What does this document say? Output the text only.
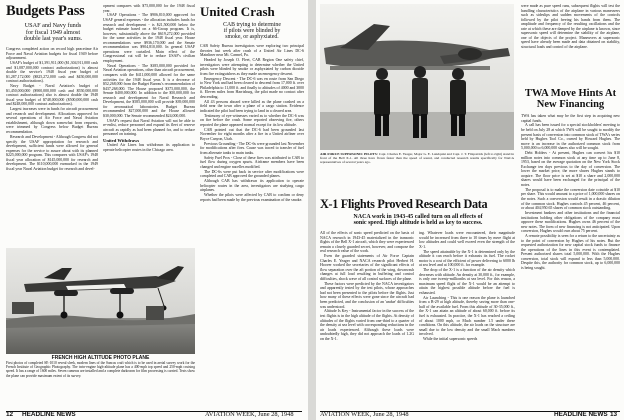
Budgets Pass
USAF and Navy funds
for fiscal 1949 almost
double last year's sums.

Congress completed action on record high peacetime Air Force and Naval Aviation budgets for fiscal 1949 before adjournment.

USAF's budget of $1,391,911,000 ($1,304,911,000 cash and $1,087,000,000 contract authorizations) is almost double the service's 1948 fiscal year budget of $1,287,172,000 ($825,272,000 cash and $450,000,000 contract authorizations).

Navy Budget - Naval Aviation's budget of $1,450,000,000 ($900,000,000 cash and $550,000,000 contract authorizations) also is almost double the 1948 fiscal year budget of $748,000,000 ($500,000,000 cash and $248,000,000 contract authorizations).

Largest increases were in funds for aircraft procurement and research and development. Allocations approved for several operations of Air Force and Naval Aviation establishment, although down somewhat from requests, were trimmed by Congress below Budget Bureau recommendation.

Research and Development - Although Congress did not specify the USAF appropriation for research and development, sufficient funds were allowed for general expenses for the service to assure about with its planned $225,000,000 program. This compares with USAF's 1948 fiscal year allocation of $145,000,000 for research and development. The $110,000,000 earmarked in the 1949 fiscal year Naval Aviation budget for research and devel-

opment compares with $75,000,000 for the 1948 fiscal year.

USAF Operations - The $906,810,000 approved for USAF general expenses - the allocation includes funds for research and development - is $21,500,000 below the budget estimate based on a 66-Group program. It is, however, substantially above the $619,272,000 provided for the same activities in the 1948 fiscal year. House recommendations were $936,170,000 and the Senate recommendation was $904,810,000. In general USAF operations were curtailed. Main effect of the Congressional cut will be to reduce USAF's civilian employment.

Naval Operations - The $385,000,000 provided for Naval Aviation operations, other than aircraft procurement, compares with the $411,000,000 allowed for the same activities for the 1948 fiscal year. It is a decrease of $52,268,000 from the Budget Bureau's recommendation of $437,268,000. The House proposed $375,000,000, the Senate $400,000,000. In addition to the $50,000,000 for research and development for Naval Research and Development, the $585,000,000 will provide $39,000,000 for aeronautical laboratories. Budget Bureau recommended $27,000,000 and the House allowed $30,000,000. The Senate recommended $24,000,000.

USAF's request that Naval Aviation will not be able to re-enlist, reduce personnel and expand its fleet of reserve aircraft as rapidly as had been planned for, and to reduce personnel on training.

United Withdraws

United Air Lines has withdrawn its application to operate helicopter routes in the Chicago area.

United Crash
CAB trying to determine
if pilots were blinded by
smoke, or asphyxiated.

CAB Safety Bureau investigators were exploring two principal theories last week after crash of a United Air Lines DC-6 Mainliner near Mt. Carmel, Pa.

Headed by Joseph O. Fleet, CAB Region One safety chief, investigators were attempting to determine whether the United pilots were blinded by smoke or asphyxiated by carbon dioxide from fire extinguishers as they made an emergency descent.

Emergency Descent - The DC-6 was en route from San Diego to New York and had been cleared to descend from 17,000 ft. over Philadelphia to 11,000 ft. and finally to altitudes of 4000 and 3000 ft. Eleven miles from Harrisburg, the pilot made no contact after descending.

All 43 persons aboard were killed as the plane crashed on a field near the town after a plane of a cargo station. Evidence indicated the pilot had been trying to land in a cleared area.

Testimony of eye-witnesses varied as to whether the DC-6 was on fire before the crash. Some reported observing fire, others reported the plane appeared normal except for its low altitude.

CAB pointed out that the DC-6 had been grounded last November for eight months after a fire in a United airliner over Bryce Canyon, Utah.

Previous Grounding - The DC-6s were grounded last November for modifications after fires. Cause was traced to transfer of fuel from alternate tanks to main tanks.

Safety Fuel Pros - Close of these fires was attributed to CAB to fuel flow during oxygen spurts. Airframe members have been changed and engine nacelles modified.

The DC-6s were put back in service after modifications were completed and CAB approved the grounded planes.

Although CAB has withdrawn its application to operate helicopter routes in the area, investigators are studying cargo airplanes.

Whether the pilots were affected by CAB to confirm or deny reports had been made by the previous examination of the smoke.

FRENCH HIGH ALTITUDE PHOTO PLANE
First photos of completed SE-1010 reveal sleek, modern lines of the Sancas craft which is to be used in aerial survey work for the French Institute of Geographic Photography. The twin-engine high-altitude plane has a 400-mph top speed and 250-mph cruising speed. It has a range of 1600 miles. Seven cameras are installed and a complete darkroom for film processing is carried. Tests show the plane can provide maximum extent of its survey.
12 HEADLINE NEWS	AVIATION WEEK, June 28, 1948
AIR FORCE SUPERSONIC PILOTS: Capt. Charles E. Yeager, Major G. E. Lundquist and Capt. J. T. Fitzpatrick (left to right) stand in front of the Bell X-1. All three have flown faster than the speed of sound, and conducted research results specifically for NACA representatives of several years ago.
X-1 Flights Proved Research Data
NACA work in 1943-45 called turn on all effects of
sonic speed. High altitude is held as key to success.

All of the effects of sonic speed predicted on the basis of NACA research in 1943-45 materialized in the transonic flights of the Bell X-1 aircraft, which they were experienced remain a closely guarded secret, however, and compose the real research value of the work.

Even the guarded statements of Air Force Captain Charles E. Yeager and NACA research pilot Herbert H. Hoover worked the secretaries of the significant effects of flow separation over the aft portion of the wing, downwash changes at full load resulting in buffeting and control difficulties, shock wave of all control surfaces of the plane.

These factors were predicted by the NACA investigators and apparently tested by the test pilots, whose approaches had not been presented to the pilots before the flights. Just how many of these effects were gone since the aircraft had been predicted, and the conclusion of an 'undue' difficulties was understood.

Altitude Is Key - Instrumental factor in the success of the test flights is in the high altitude of the flights. At density of altitudes of the flights varied from one-third to a quarter of the density at sea level with corresponding reductions in the air loads experienced. Although these loads were undoubtedly high, they did not approach the loads of 1.2G on the X-1.

ing. Whatever loads were encountered, their magnitude would be increased from three to 10 times by mere flight at low altitudes and could well exceed even the strength of the X-1.

The speed attainable by the X-1 is determined only by the altitude it can reach before it exhausts its fuel. The rocket motor is a cost of the efficient of power delivering to 6000 lb at sea level and at 100,000 ft. for example.

The drop of the X-1 is a function of the air density which decreases with altitude. An density at 30,000 ft., for example, is only one twenty-millionths at sea level. For this reason, a maximum speed flight of the X-1 would be an attempt to attain the highest possible altitude before the fuel is exhausted.

Air Launching - This is one reason the plane is launched from a B-29 at high altitude, thereby saving more than one-half of the available fuel. From this altitude of 30-35,000 ft., the X-1 can attain an altitude of about 60,000 ft. before its fuel is exhausted. In practice, the X-1 has reached a ceiling of about 1000 mph, or Mach number 1.5 under these conditions. On this altitude, the air loads on the structure are small due to the low density and the small Mach numbers involved.

While the initial supersonic speeds

were made as pure speed runs, subsequent flights will test the handling characteristics of the airplane in various maneuvers such as sideslips and sudden movements of the controls followed by the pilot freeing his hands from them. The amplitude and frequency of the resulting oscillations and the rate at which these are damped by the airplane is known, since supersonic speed will determine the stability of the airplane, one of the objects of the project. Maneuvers at supersonic speed have already been made and data obtained on stability, structural loads and control of the airplane.

TWA Move Hints At New Financing

TWA has taken what may be the first step in acquiring new capital funds.

A call has been issued for a special stockholders' meeting to be held on July 28 at which TWA will be sought to modify the present basis of conversion into common stock of TWA's series held by Hughes Tool Co., owned by Howard Hughes. The move is an increase in the authorized common stock from 5,000,000 to 6,000,000 shares also will be sought.

Debt Holders - At present, Hughes can convert his $10 million notes into common stock at any time up to June 8, 1953, based on the average quotation on the New York Stock Exchange ten days previous to the day of conversion. The lower the market price, the more shares Hughes stands to acquire. The floor price is set at $10 a share and 2,000,000 shares would have been exchanged for the principal of the notes.

The proposal is to make the conversion date coincide at $10 per share. This would amount to a price of 1,000,000 shares on the notes. Such a conversion would result in a drastic dilution of the common stock. Hughes controls 45 percent, 46 percent, or about 404,950.65 shares of common stock outstanding.

Investment bankers and other institutions and the financial institutions holding other obligations of the company must approve these modifications. Hughes owns 46 percent of the new notes. The form of new financing is not anticipated. Upon conversion, Hughes would own about 75 percent.

A remote possibility is seen for a return to the uncertainty as to the point of conversion by Hughes of his notes. But the requested authorization for new capital stock funds to finance the operations of the lines in this event is contemplated. Present authorized shares total 5,000,000. With the Hughes conversion, total stock will expand to less than 5,000,000. Despite this, the authority for common stock, up to 6,000,000 is being sought.

AVIATION WEEK, June 28, 1948	HEADLINE NEWS 13
